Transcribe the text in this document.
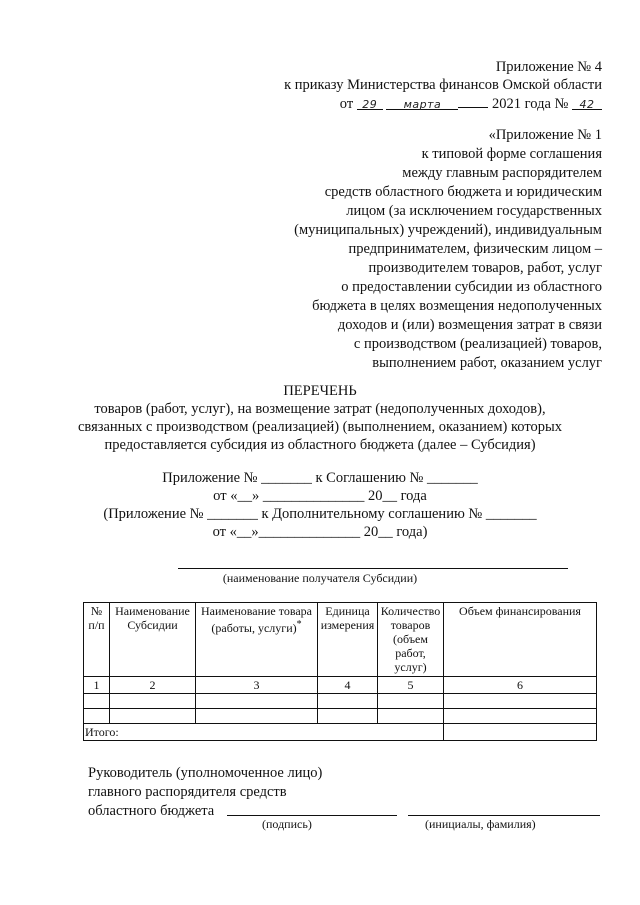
Приложение № 4
к приказу Министерства финансов Омской области
от 29 марта	2021 года № 42
«Приложение № 1
к типовой форме соглашения
между главным распорядителем
средств областного бюджета и юридическим
лицом (за исключением государственных
(муниципальных) учреждений), индивидуальным
предпринимателем, физическим лицом –
производителем товаров, работ, услуг
о предоставлении субсидии из областного
бюджета в целях возмещения недополученных
доходов и (или) возмещения затрат в связи
с производством (реализацией) товаров,
выполнением работ, оказанием услуг
ПЕРЕЧЕНЬ
товаров (работ, услуг), на возмещение затрат (недополученных доходов),
связанных с производством (реализацией) (выполнением, оказанием) которых
предоставляется субсидия из областного бюджета (далее – Субсидия)
Приложение № _______ к Соглашению № _______
от «__» ______________ 20__ года
(Приложение № _______ к Дополнительному соглашению № _______
от «__»______________ 20__ года)
(наименование получателя Субсидии)
№ п/п	Наименование Субсидии	Наименование товара (работы, услуги)*	Единица измерения	Количество товаров (объем работ, услуг)	Объем финансирования
1	2	3	4	5	6

Итого:					
Руководитель (уполномоченное лицо)
главного распорядителя средств
областного бюджета
(подпись)	(инициалы, фамилия)
